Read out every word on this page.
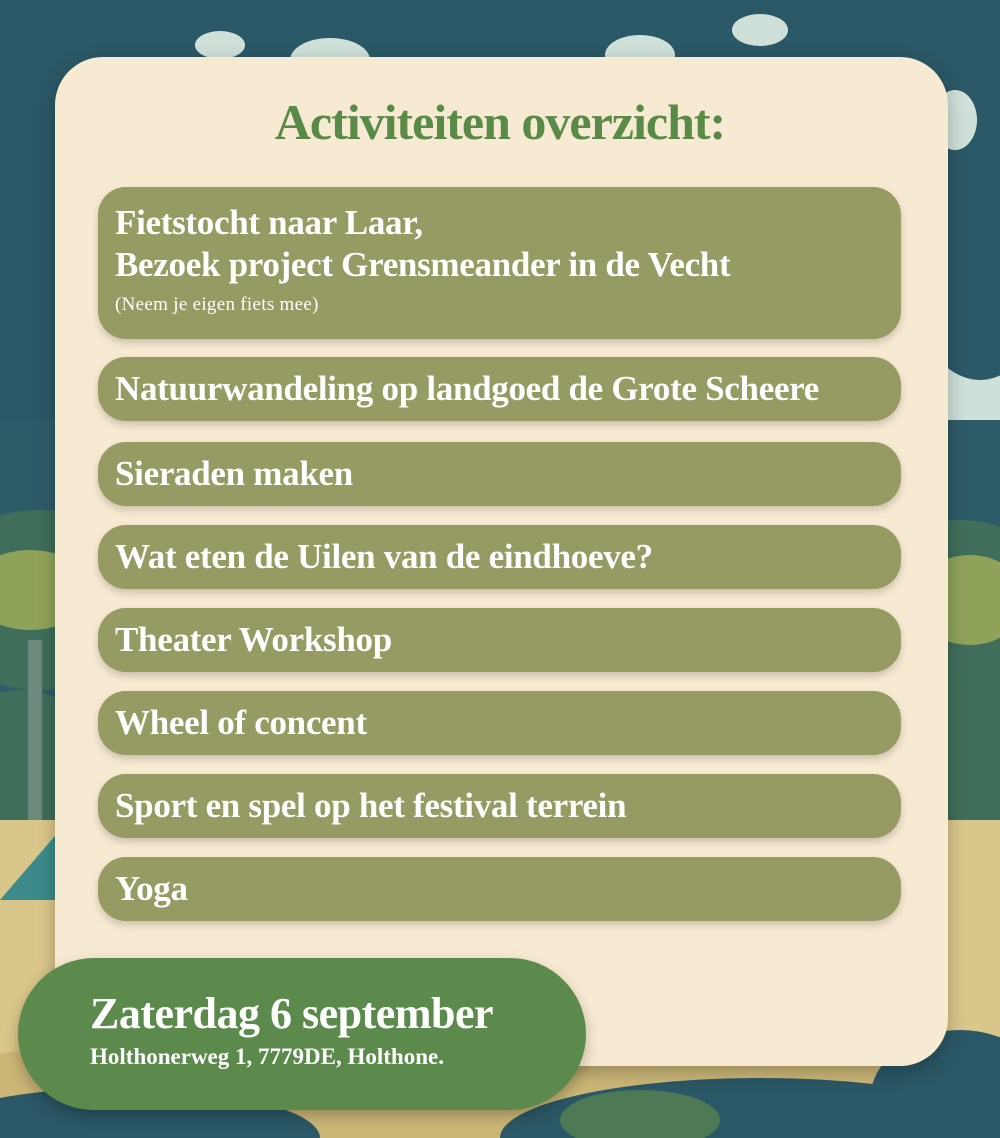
Activiteiten overzicht:
Fietstocht naar Laar,
Bezoek project Grensmeander in de Vecht
(Neem je eigen fiets mee)
Natuurwandeling op landgoed de Grote Scheere
Sieraden maken
Wat eten de Uilen van de eindhoeve?
Theater Workshop
Wheel of concent
Sport en spel op het festival terrein
Yoga
Zaterdag 6 september
Holthonerweg 1, 7779DE, Holthone.
